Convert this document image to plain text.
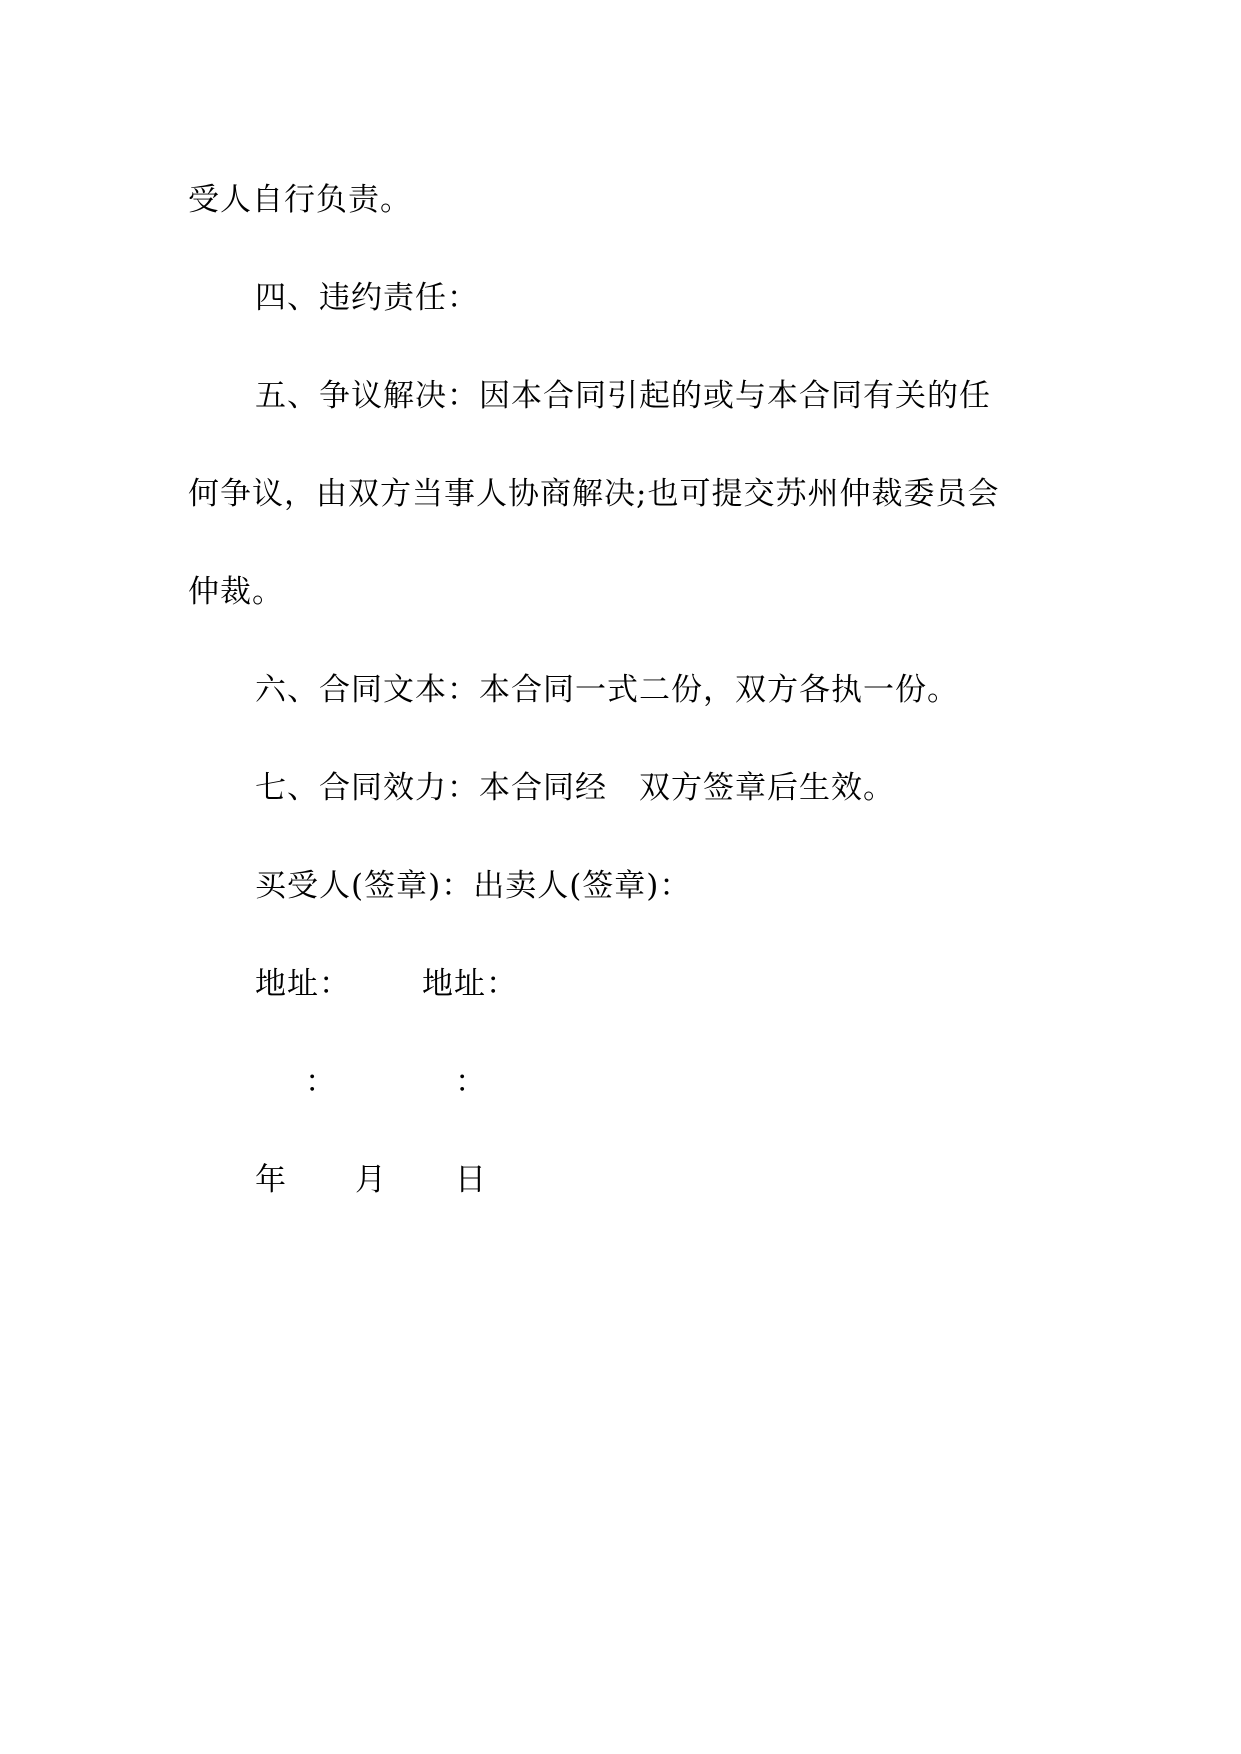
受人自行负责。
四、违约责任：
五、争议解决：因本合同引起的或与本合同有关的任
何争议，由双方当事人协商解决;也可提交苏州仲裁委员会
仲裁。
六、合同文本：本合同一式二份，双方各执一份。
七、合同效力：本合同经　双方签章后生效。
买受人(签章)：出卖人(签章)：
地址： 地址：
：	：
年 月 日
